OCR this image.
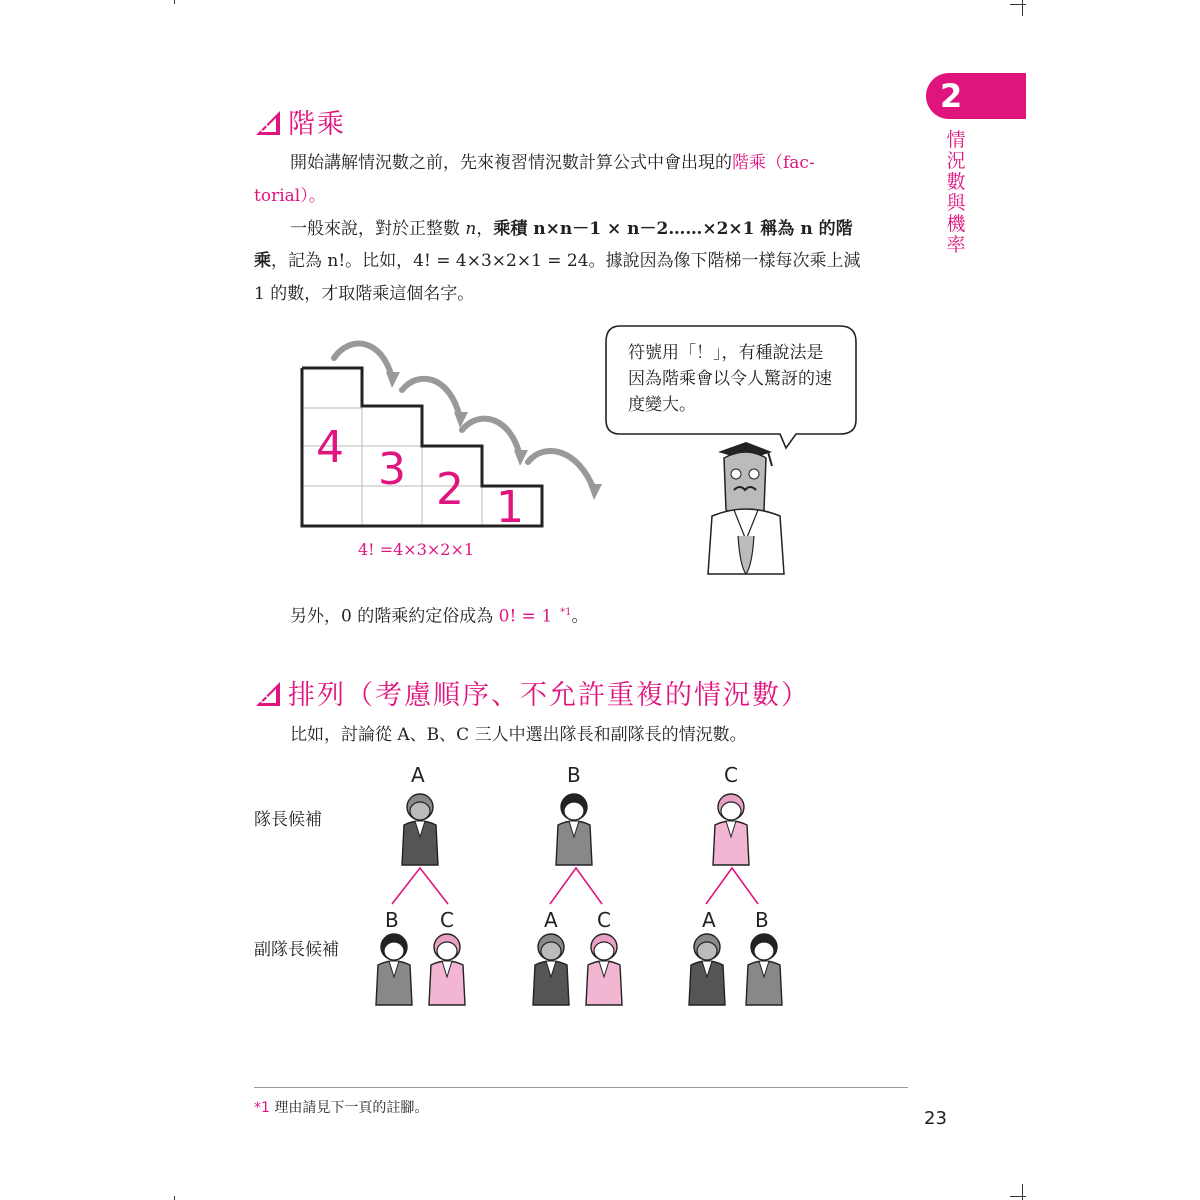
2
情
況
數
與
機
率
階乘
開始講解情況數之前，先來複習情況數計算公式中會出現的階乘（fac-
torial）。
一般來說，對於正整數 n，乘積 n×n－1 × n－2……×2×1 稱為 n 的階
乘，記為 n!。比如，4! = 4×3×2×1 = 24。據說因為像下階梯一樣每次乘上減
1 的數，才取階乘這個名字。
4 3 2 1
4! =4×3×2×1
符號用「！」，有種說法是
因為階乘會以令人驚訝的速
度變大。
另外，0 的階乘約定俗成為 0! = 1 $^{*1}$。
排列（考慮順序、不允許重複的情況數）
比如，討論從 A、B、C 三人中選出隊長和副隊長的情況數。
隊長候補
副隊長候補
A	B	C
B C	A C	A B
*1 理由請見下一頁的註腳。	23
